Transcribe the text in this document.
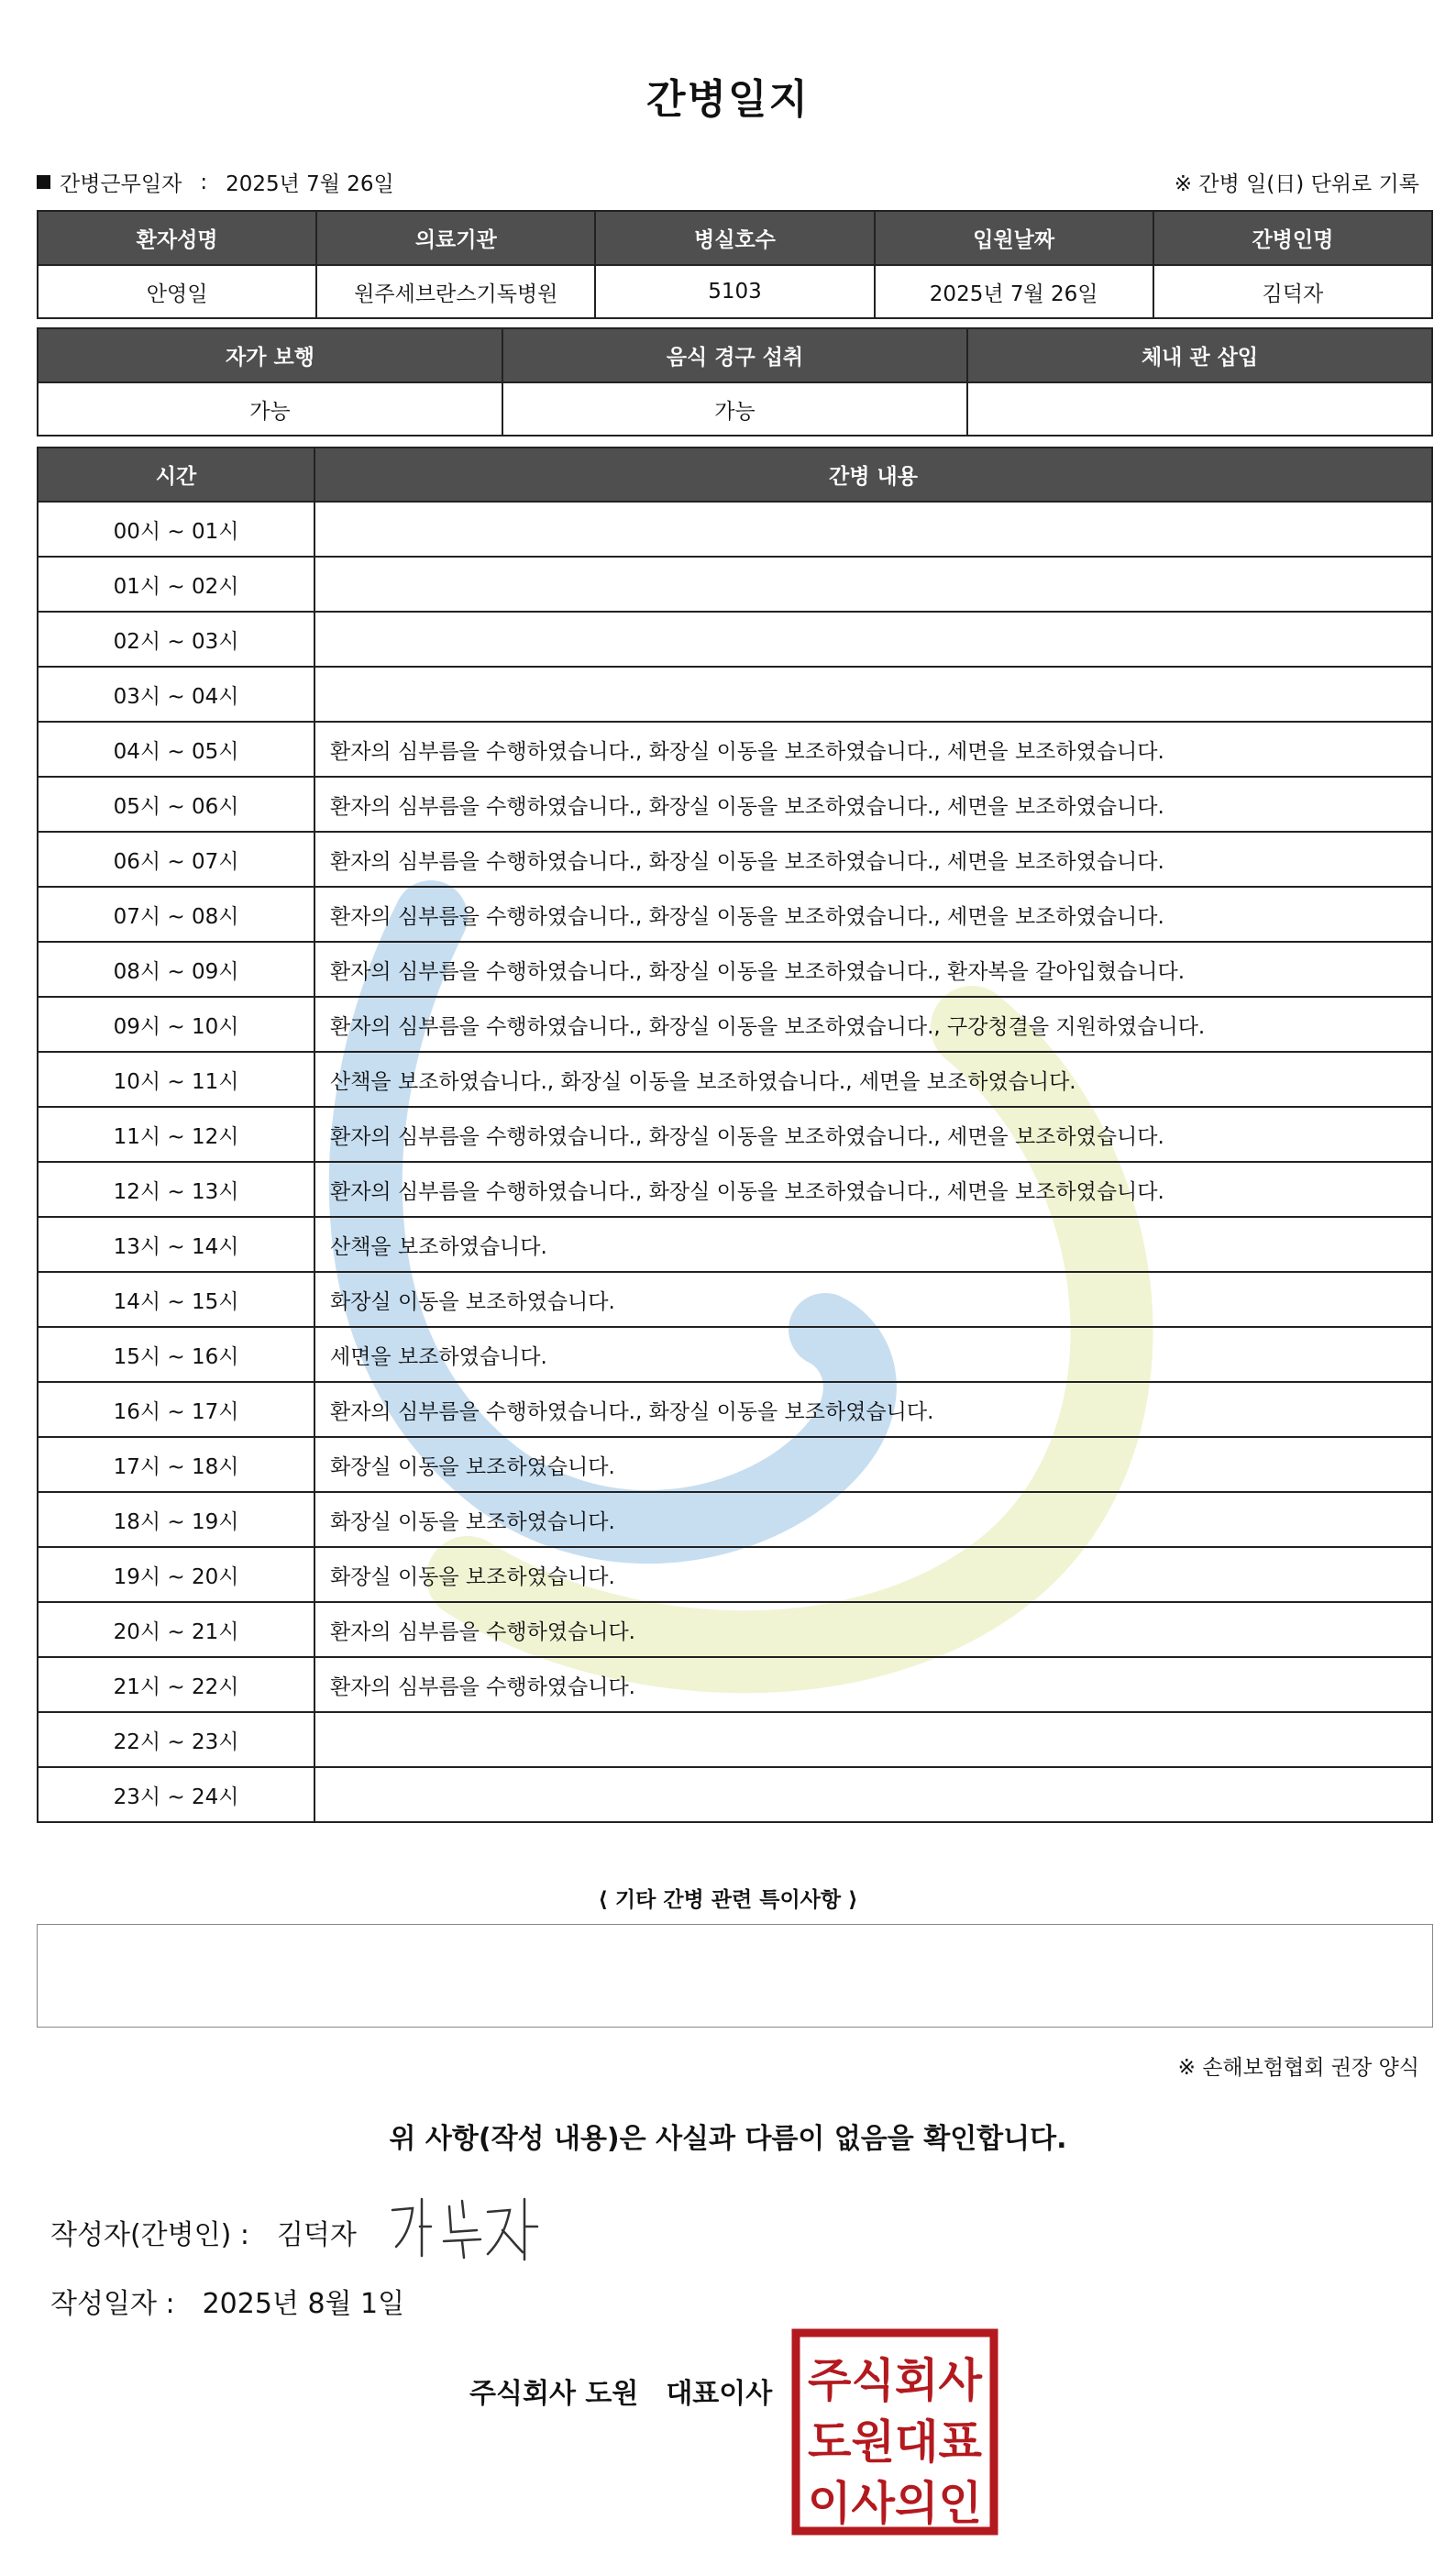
간병일지
간병근무일자 : 2025년 7월 26일	※ 간병 일(日) 단위로 기록
환자성명	의료기관	병실호수	입원날짜	간병인명
안영일	원주세브란스기독병원	5103	2025년 7월 26일	김덕자
자가 보행	음식 경구 섭취	체내 관 삽입
가능	가능	
시간	간병 내용
00시 ~ 01시	
01시 ~ 02시	
02시 ~ 03시	
03시 ~ 04시	
04시 ~ 05시	환자의 심부름을 수행하였습니다., 화장실 이동을 보조하였습니다., 세면을 보조하였습니다.
05시 ~ 06시	환자의 심부름을 수행하였습니다., 화장실 이동을 보조하였습니다., 세면을 보조하였습니다.
06시 ~ 07시	환자의 심부름을 수행하였습니다., 화장실 이동을 보조하였습니다., 세면을 보조하였습니다.
07시 ~ 08시	환자의 심부름을 수행하였습니다., 화장실 이동을 보조하였습니다., 세면을 보조하였습니다.
08시 ~ 09시	환자의 심부름을 수행하였습니다., 화장실 이동을 보조하였습니다., 환자복을 갈아입혔습니다.
09시 ~ 10시	환자의 심부름을 수행하였습니다., 화장실 이동을 보조하였습니다., 구강청결을 지원하였습니다.
10시 ~ 11시	산책을 보조하였습니다., 화장실 이동을 보조하였습니다., 세면을 보조하였습니다.
11시 ~ 12시	환자의 심부름을 수행하였습니다., 화장실 이동을 보조하였습니다., 세면을 보조하였습니다.
12시 ~ 13시	환자의 심부름을 수행하였습니다., 화장실 이동을 보조하였습니다., 세면을 보조하였습니다.
13시 ~ 14시	산책을 보조하였습니다.
14시 ~ 15시	화장실 이동을 보조하였습니다.
15시 ~ 16시	세면을 보조하였습니다.
16시 ~ 17시	환자의 심부름을 수행하였습니다., 화장실 이동을 보조하였습니다.
17시 ~ 18시	화장실 이동을 보조하였습니다.
18시 ~ 19시	화장실 이동을 보조하였습니다.
19시 ~ 20시	화장실 이동을 보조하였습니다.
20시 ~ 21시	환자의 심부름을 수행하였습니다.
21시 ~ 22시	환자의 심부름을 수행하였습니다.
22시 ~ 23시	
23시 ~ 24시	
⟨ 기타 간병 관련 특이사항 ⟩
※ 손해보험협회 권장 양식
위 사항(작성 내용)은 사실과 다름이 없음을 확인합니다.
작성자(간병인) : 김덕자
작성일자 : 2025년 8월 1일
주식회사 도원 대표이사 주식회사
도원대표
이사의인
